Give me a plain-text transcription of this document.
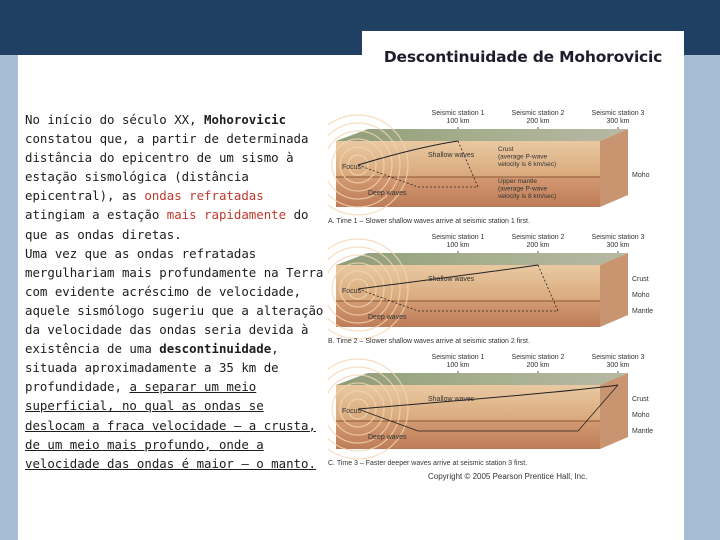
Descontinuidade de Mohorovicic

No início do século XX, Mohorovicic constatou que, a partir de determinada distância do epicentro de um sismo à estação sismológica (distância epicentral), as ondas refratadas atingiam a estação mais rapidamente do que as ondas diretas.
Uma vez que as ondas refratadas mergulhariam mais profundamente na Terra com evidente acréscimo de velocidade, aquele sismólogo sugeriu que a alteração da velocidade das ondas seria devida à existência de uma descontinuidade, situada aproximadamente a 35 km de profundidade, a separar um meio superficial, no qual as ondas se deslocam a fraca velocidade – a crusta, de um meio mais profundo, onde a velocidade das ondas é maior – o manto.

Seismic station 1 100 km
Seismic station 2 200 km
Seismic station 3 300 km
Focus
Shallow waves
Deep waves
Crust (average P-wave velocity is 6 km/sec)
Upper mantle (average P-wave velocity is 8 km/sec)
Moho
A. Time 1 – Slower shallow waves arrive at seismic station 1 first.
Seismic station 1 100 km
Seismic station 2 200 km
Seismic station 3 300 km
Focus
Shallow waves
Deep waves
Crust
Moho
Mantle
B. Time 2 – Slower shallow waves arrive at seismic station 2 first.
Seismic station 1 100 km
Seismic station 2 200 km
Seismic station 3 300 km
Focus
Shallow waves
Deep waves
Crust
Moho
Mantle
C. Time 3 – Faster deeper waves arrive at seismic station 3 first.
Copyright © 2005 Pearson Prentice Hall, Inc.
